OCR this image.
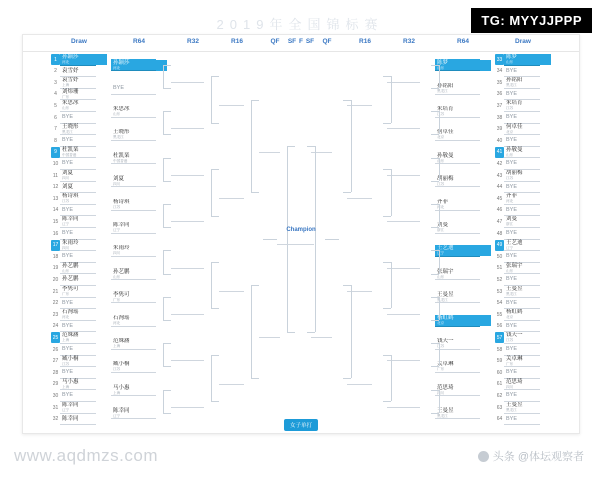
2019年全国锦标赛	TG: MYYJJPPP
Draw	R64	R32	R16	QF	SF
F
SF	QF	R16	R32	R64	Draw
1 孙颖莎
河北
2 袁雪妤
3 袁雪妤
上海
4 刘炜珊
广东
5 朱思冰
山东
6 BYE
7 王晓彤
黑龙江
8 BYE
9 杜凯琹
中国香港
10 BYE
11 刘夏
四川
12 刘夏
13 杨诗琪
江苏
14 BYE
15 陈幸同
辽宁
16 BYE
17 朱雨玲
四川
18 BYE
19 孙艺鹏
山东
20 孙艺鹏
21 李隽可
广东
22 BYE
23 石洵瑶
河北
24 BYE
25 范姝涵
上海
26 BYE
27 臧小桐
江苏
28 BYE
29 马小惠
上海
30 BYE
31 陈幸同
辽宁
32 陈幸同
孙颖莎
河北
BYE
朱思冰
山东
王晓彤
黑龙江
杜凯琹
中国香港
刘夏
四川
杨诗琪
江苏
陈幸同
辽宁
朱雨玲
四川
孙艺鹏
山东
李隽可
广东
石洵瑶
河北
范姝涵
上海
臧小桐
江苏
马小惠
上海
陈幸同
辽宁
33 陈梦
山东
34 BYE
35 孙铭阳
黑龙江
36 BYE
37 朱培育
江苏
38 BYE
39 何卓佳
北京
40 BYE
41 孙敬曼
山东
42 BYE
43 胡丽梅
江苏
44 BYE
45 齐菲
河北
46 BYE
47 刘曼
浙江
48 BYE
49 王艺迪
辽宁
50 BYE
51 张瑞宇
山东
52 BYE
53 王曼昱
黑龙江
54 BYE
55 杨虹鹤
北京
56 BYE
57 钱天一
江苏
58 BYE
59 关卓琳
广东
60 BYE
61 范思琦
四川
62 BYE
63 王曼昱
黑龙江
64 BYE
陈梦
山东
孙铭阳
黑龙江
朱培育
江苏
何卓佳
北京
孙敬曼
山东
胡丽梅
江苏
齐菲
河北
刘曼
浙江
王艺迪
辽宁
张瑞宇
山东
王曼昱
黑龙江
杨虹鹤
北京
钱天一
江苏
关卓琳
广东
范思琦
四川
王曼昱
黑龙江
Champion
女子单打
www.aqdmzs.com	头条 @体坛观察者
